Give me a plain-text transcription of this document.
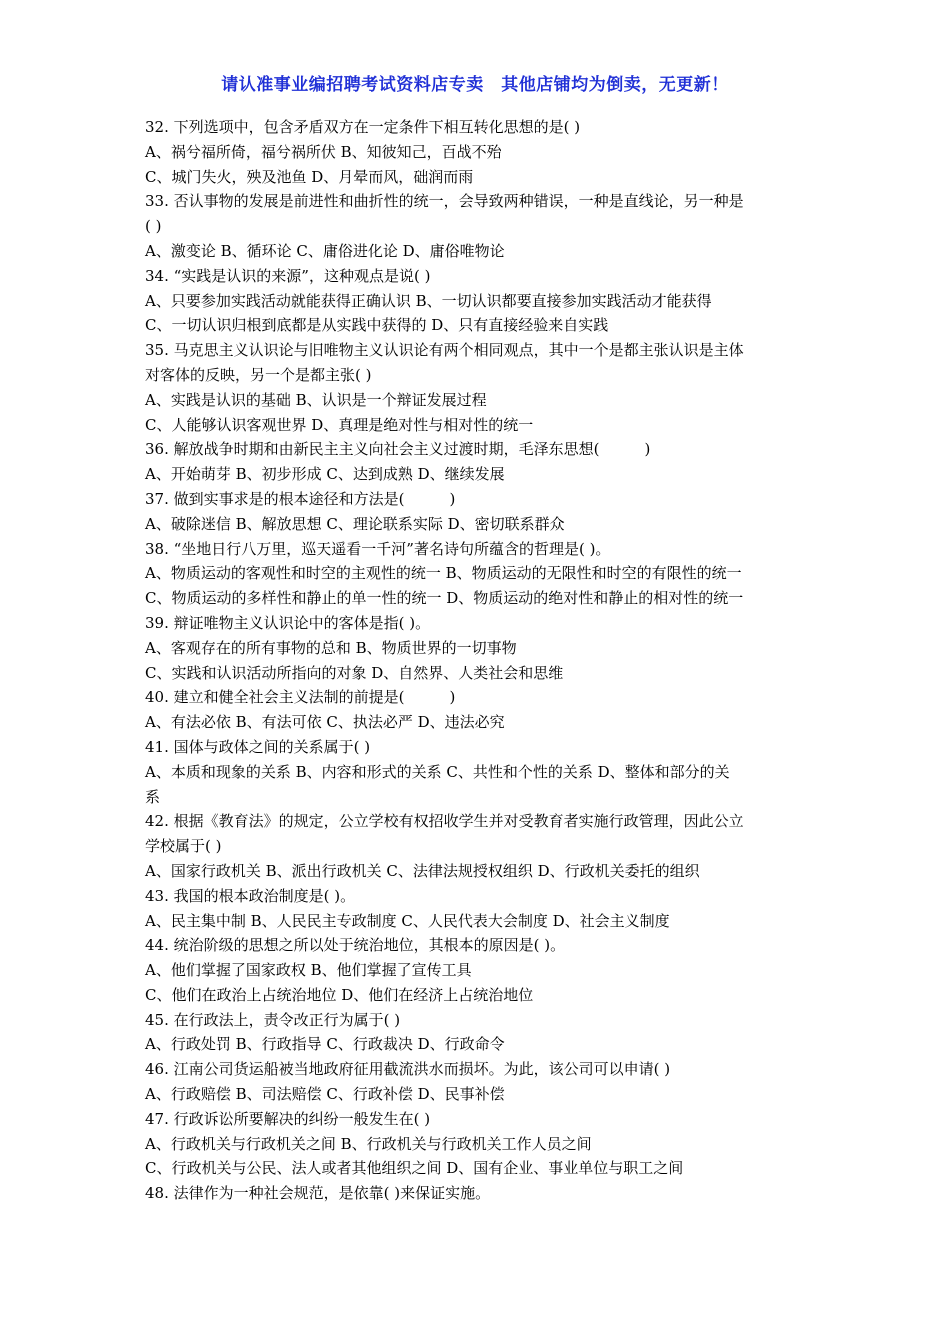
请认准事业编招聘考试资料店专卖　其他店铺均为倒卖，无更新！
32. 下列选项中，包含矛盾双方在一定条件下相互转化思想的是( )
A、祸兮福所倚，福兮祸所伏 B、知彼知己，百战不殆
C、城门失火，殃及池鱼 D、月晕而风，础润而雨
33. 否认事物的发展是前进性和曲折性的统一，会导致两种错误，一种是直线论，另一种是
( )
A、激变论 B、循环论 C、庸俗进化论 D、庸俗唯物论
34. “实践是认识的来源”，这种观点是说( )
A、只要参加实践活动就能获得正确认识 B、一切认识都要直接参加实践活动才能获得
C、一切认识归根到底都是从实践中获得的 D、只有直接经验来自实践
35. 马克思主义认识论与旧唯物主义认识论有两个相同观点，其中一个是都主张认识是主体
对客体的反映，另一个是都主张( )
A、实践是认识的基础 B、认识是一个辩证发展过程
C、人能够认识客观世界 D、真理是绝对性与相对性的统一
36. 解放战争时期和由新民主主义向社会主义过渡时期，毛泽东思想(　　　)
A、开始萌芽 B、初步形成 C、达到成熟 D、继续发展
37. 做到实事求是的根本途径和方法是(　　　)
A、破除迷信 B、解放思想 C、理论联系实际 D、密切联系群众
38. “坐地日行八万里，巡天遥看一千河”著名诗句所蕴含的哲理是( )。
A、物质运动的客观性和时空的主观性的统一 B、物质运动的无限性和时空的有限性的统一
C、物质运动的多样性和静止的单一性的统一 D、物质运动的绝对性和静止的相对性的统一
39. 辩证唯物主义认识论中的客体是指( )。
A、客观存在的所有事物的总和 B、物质世界的一切事物
C、实践和认识活动所指向的对象 D、自然界、人类社会和思维
40. 建立和健全社会主义法制的前提是(　　　)
A、有法必依 B、有法可依 C、执法必严 D、违法必究
41. 国体与政体之间的关系属于( )
A、本质和现象的关系 B、内容和形式的关系 C、共性和个性的关系 D、整体和部分的关
系
42. 根据《教育法》的规定，公立学校有权招收学生并对受教育者实施行政管理，因此公立
学校属于( )
A、国家行政机关 B、派出行政机关 C、法律法规授权组织 D、行政机关委托的组织
43. 我国的根本政治制度是( )。
A、民主集中制 B、人民民主专政制度 C、人民代表大会制度 D、社会主义制度
44. 统治阶级的思想之所以处于统治地位，其根本的原因是( )。
A、他们掌握了国家政权 B、他们掌握了宣传工具
C、他们在政治上占统治地位 D、他们在经济上占统治地位
45. 在行政法上，责令改正行为属于( )
A、行政处罚 B、行政指导 C、行政裁决 D、行政命令
46. 江南公司货运船被当地政府征用截流洪水而损坏。为此，该公司可以申请( )
A、行政赔偿 B、司法赔偿 C、行政补偿 D、民事补偿
47. 行政诉讼所要解决的纠纷一般发生在( )
A、行政机关与行政机关之间 B、行政机关与行政机关工作人员之间
C、行政机关与公民、法人或者其他组织之间 D、国有企业、事业单位与职工之间
48. 法律作为一种社会规范，是依靠( )来保证实施。
